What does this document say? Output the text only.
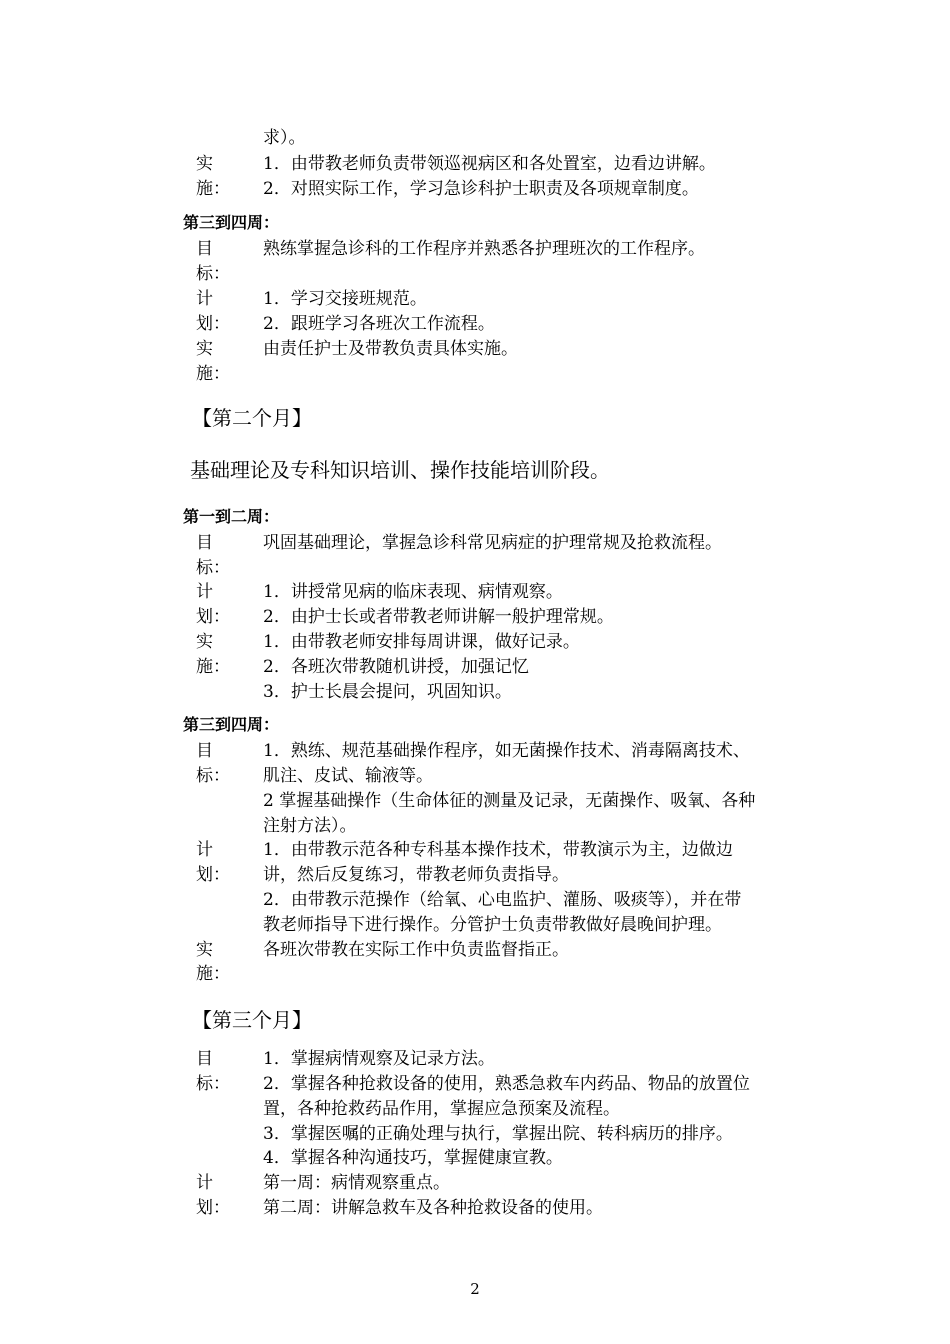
求）。
实	1．由带教老师负责带领巡视病区和各处置室，边看边讲解。
施： 2．对照实际工作，学习急诊科护士职责及各项规章制度。
第三到四周：
目	熟练掌握急诊科的工作程序并熟悉各护理班次的工作程序。
标：
计	1．学习交接班规范。
划： 2．跟班学习各班次工作流程。
实	由责任护士及带教负责具体实施。
施：
【第二个月】
基础理论及专科知识培训、操作技能培训阶段。
第一到二周：
目	巩固基础理论，掌握急诊科常见病症的护理常规及抢救流程。
标：
计	1．讲授常见病的临床表现、病情观察。
划： 2．由护士长或者带教老师讲解一般护理常规。
实	1．由带教老师安排每周讲课，做好记录。
施： 2．各班次带教随机讲授，加强记忆
3．护士长晨会提问，巩固知识。
第三到四周：
目	1．熟练、规范基础操作程序，如无菌操作技术、消毒隔离技术、
标： 肌注、皮试、输液等。
2 掌握基础操作（生命体征的测量及记录，无菌操作、吸氧、各种
注射方法）。
计	1．由带教示范各种专科基本操作技术，带教演示为主，边做边
划： 讲，然后反复练习，带教老师负责指导。
2．由带教示范操作（给氧、心电监护、灌肠、吸痰等），并在带
教老师指导下进行操作。分管护士负责带教做好晨晚间护理。
实	各班次带教在实际工作中负责监督指正。
施：
【第三个月】
目	1．掌握病情观察及记录方法。
标： 2．掌握各种抢救设备的使用，熟悉急救车内药品、物品的放置位
置，各种抢救药品作用，掌握应急预案及流程。
3．掌握医嘱的正确处理与执行，掌握出院、转科病历的排序。
4．掌握各种沟通技巧，掌握健康宣教。
计	第一周：病情观察重点。
划： 第二周：讲解急救车及各种抢救设备的使用。
2
